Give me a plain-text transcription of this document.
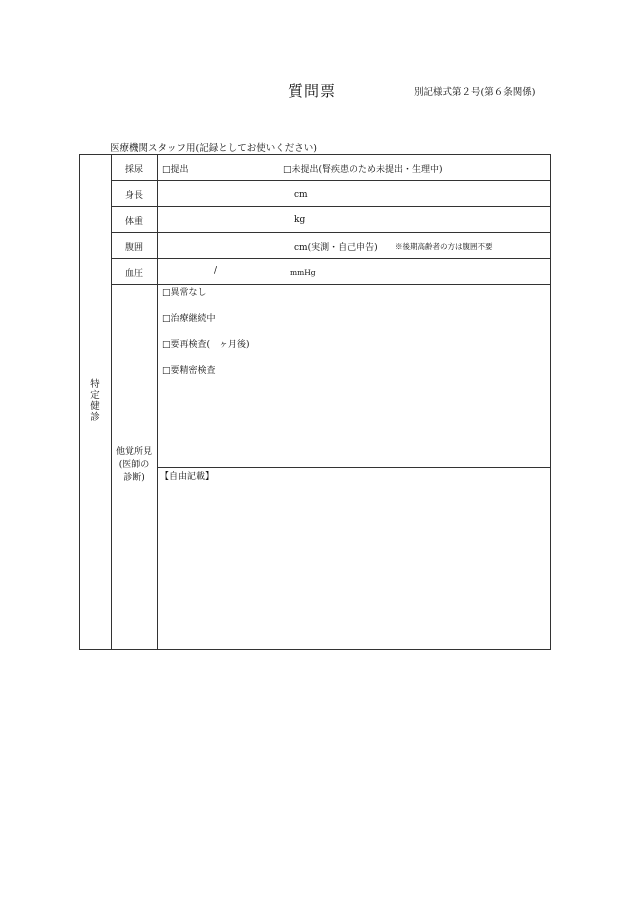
質問票	別記様式第２号(第６条関係)
医療機関スタッフ用(記録としてお使いください)
特
定
健
診
採尿	□提出	□未提出(腎疾患のため未提出・生理中)
身長	cm
体重	kg
腹囲	cm(実測・自己申告) ※後期高齢者の方は腹囲不要
血圧	/	mmHg
他覚所見
(医師の
診断)
□異常なし
□治療継続中
□要再検査(　ヶ月後)
□要精密検査
【自由記載】
